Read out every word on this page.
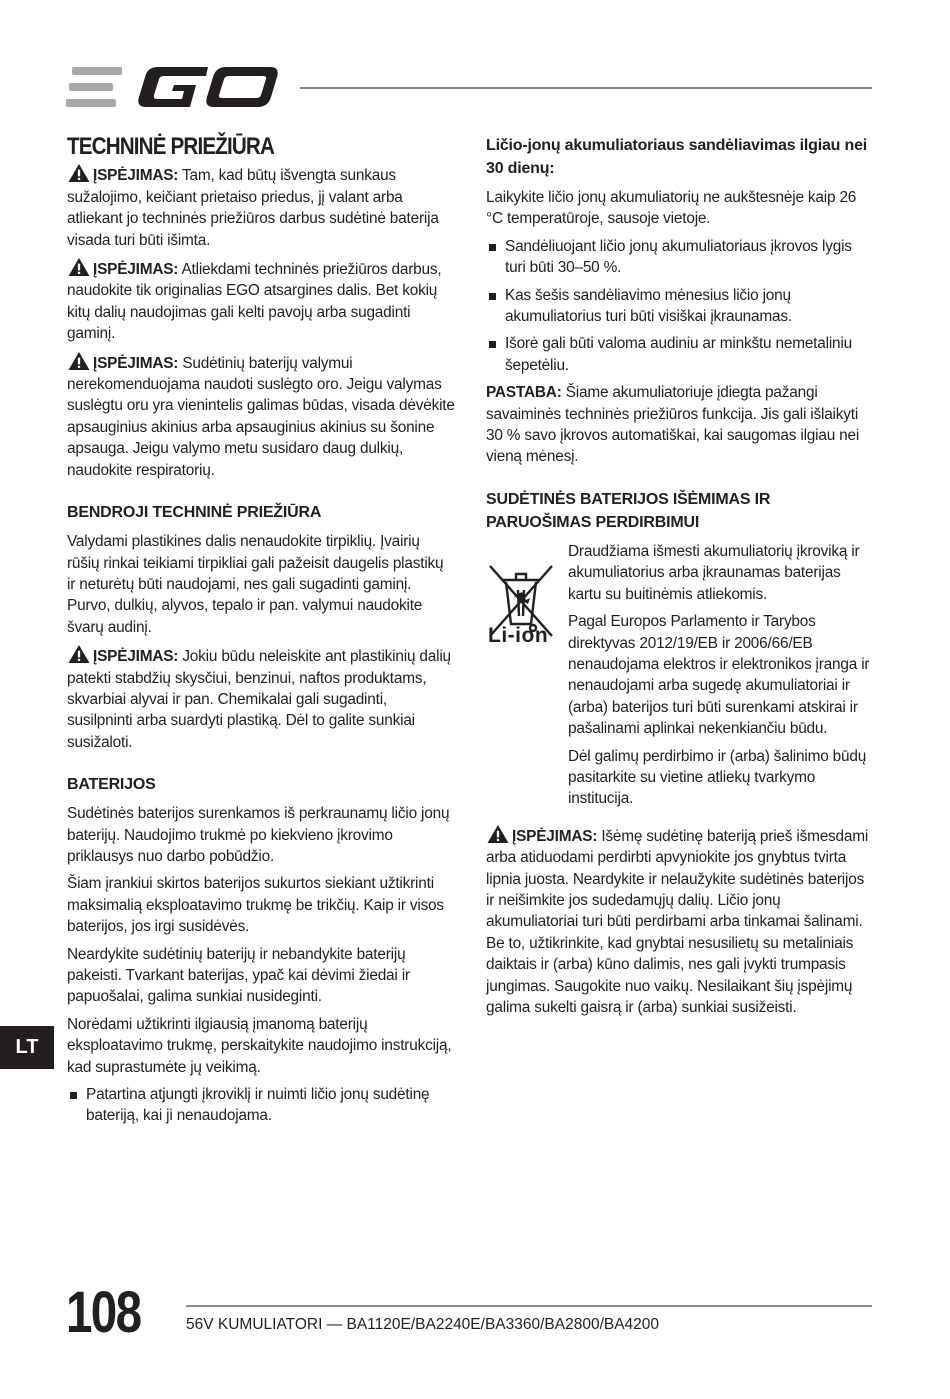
TECHNINĖ PRIEŽIŪRA

ĮSPĖJIMAS: Tam, kad būtų išvengta sunkaus sužalojimo, keičiant prietaiso priedus, jį valant arba atliekant jo techninės priežiūros darbus sudėtinė baterija visada turi būti išimta.

ĮSPĖJIMAS: Atliekdami techninės priežiūros darbus, naudokite tik originalias EGO atsargines dalis. Bet kokių kitų dalių naudojimas gali kelti pavojų arba sugadinti gaminį.

ĮSPĖJIMAS: Sudėtinių baterijų valymui nerekomenduojama naudoti suslėgto oro. Jeigu valymas suslėgtu oru yra vienintelis galimas būdas, visada dėvėkite apsauginius akinius arba apsauginius akinius su šonine apsauga. Jeigu valymo metu susidaro daug dulkių, naudokite respiratorių.

BENDROJI TECHNINĖ PRIEŽIŪRA

Valydami plastikines dalis nenaudokite tirpiklių. Įvairių rūšių rinkai teikiami tirpikliai gali pažeisit daugelis plastikų ir neturėtų būti naudojami, nes gali sugadinti gaminį. Purvo, dulkių, alyvos, tepalo ir pan. valymui naudokite švarų audinį.

ĮSPĖJIMAS: Jokiu būdu neleiskite ant plastikinių dalių patekti stabdžių skysčiui, benzinui, naftos produktams, skvarbiai alyvai ir pan. Chemikalai gali sugadinti, susilpninti arba suardyti plastiką. Dėl to galite sunkiai susižaloti.

BATERIJOS

Sudėtinės baterijos surenkamos iš perkraunamų ličio jonų baterijų. Naudojimo trukmė po kiekvieno įkrovimo priklausys nuo darbo pobūdžio.

Šiam įrankiui skirtos baterijos sukurtos siekiant užtikrinti maksimalią eksploatavimo trukmę be trikčių. Kaip ir visos baterijos, jos irgi susidėvės.

Neardykite sudėtinių baterijų ir nebandykite baterijų pakeisti. Tvarkant baterijas, ypač kai dėvimi žiedai ir papuošalai, galima sunkiai nusideginti.

Norėdami užtikrinti ilgiausią įmanomą baterijų eksploatavimo trukmę, perskaitykite naudojimo instrukciją, kad suprastumėte jų veikimą.

Patartina atjungti įkroviklį ir nuimti ličio jonų sudėtinę bateriją, kai ji nenaudojama.
Ličio-jonų akumuliatoriaus sandėliavimas ilgiau nei 30 dienų:

Laikykite ličio jonų akumuliatorių ne aukštesnėje kaip 26 °C temperatūroje, sausoje vietoje.

Sandėliuojant ličio jonų akumuliatoriaus įkrovos lygis turi būti 30–50 %.
Kas šešis sandėliavimo mėnesius ličio jonų akumuliatorius turi būti visiškai įkraunamas.
Išorė gali būti valoma audiniu ar minkštu nemetaliniu šepetėliu.

PASTABA: Šiame akumuliatoriuje įdiegta pažangi savaiminės techninės priežiūros funkcija. Jis gali išlaikyti 30 % savo įkrovos automatiškai, kai saugomas ilgiau nei vieną mėnesį.

SUDĖTINĖS BATERIJOS IŠĖMIMAS IR PARUOŠIMAS PERDIRBIMUI
Li-ion

Draudžiama išmesti akumuliatorių įkroviką ir akumuliatorius arba įkraunamas baterijas kartu su buitinėmis atliekomis.

Pagal Europos Parlamento ir Tarybos direktyvas 2012/19/EB ir 2006/66/EB nenaudojama elektros ir elektronikos įranga ir nenaudojami arba sugedę akumuliatoriai ir (arba) baterijos turi būti surenkami atskirai ir pašalinami aplinkai nekenkiančiu būdu.

Dėl galimų perdirbimo ir (arba) šalinimo būdų pasitarkite su vietine atliekų tvarkymo institucija.

ĮSPĖJIMAS: Išėmę sudėtinę bateriją prieš išmesdami arba atiduodami perdirbti apvyniokite jos gnybtus tvirta lipnia juosta. Neardykite ir nelaužykite sudėtinės baterijos ir neišimkite jos sudedamųjų dalių. Ličio jonų akumuliatoriai turi būti perdirbami arba tinkamai šalinami. Be to, užtikrinkite, kad gnybtai nesusilietų su metaliniais daiktais ir (arba) kūno dalimis, nes gali įvykti trumpasis jungimas. Saugokite nuo vaikų. Nesilaikant šių įspėjimų galima sukelti gaisrą ir (arba) sunkiai susižeisti.

LT
108	56V KUMULIATORI — BA1120E/BA2240E/BA3360/BA2800/BA4200
